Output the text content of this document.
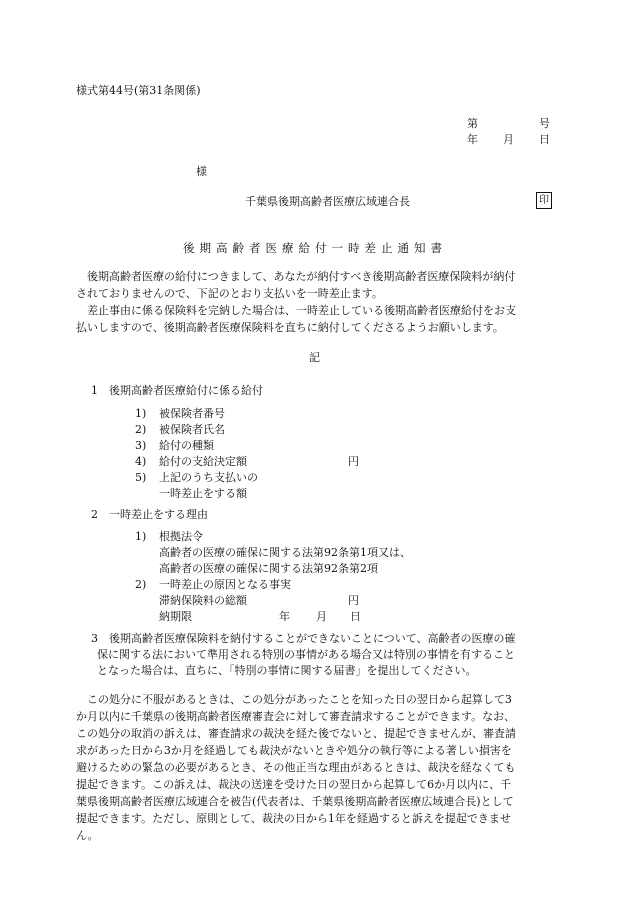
様式第44号(第31条関係)
第	号
年 月 日
様
千葉県後期高齢者医療広域連合長	印
後期高齢者医療給付一時差止通知書
　後期高齢者医療の給付につきまして、あなたが納付すべき後期高齢者医療保険料が納付
されておりませんので、下記のとおり支払いを一時差止ます。
　差止事由に係る保険料を完納した場合は、一時差止している後期高齢者医療給付をお支
払いしますので、後期高齢者医療保険料を直ちに納付してくださるようお願いします。
記
1　後期高齢者医療給付に係る給付
1) 被保険者番号
2) 被保険者氏名
3) 給付の種類
4) 給付の支給決定額	円
5) 上記のうち支払いの
一時差止をする額
2　一時差止をする理由
1) 根拠法令
高齢者の医療の確保に関する法第92条第1項又は、
高齢者の医療の確保に関する法第92条第2項
2) 一時差止の原因となる事実
滞納保険料の総額	円
納期限	年 月 日
3　後期高齢者医療保険料を納付することができないことについて、高齢者の医療の確
保に関する法において準用される特別の事情がある場合又は特別の事情を有すること
となった場合は、直ちに、「特別の事情に関する届書」を提出してください。
　この処分に不服があるときは、この処分があったことを知った日の翌日から起算して3
か月以内に千葉県の後期高齢者医療審査会に対して審査請求することができます。なお、
この処分の取消の訴えは、審査請求の裁決を経た後でないと、提起できませんが、審査請
求があった日から3か月を経過しても裁決がないときや処分の執行等による著しい損害を
避けるための緊急の必要があるとき、その他正当な理由があるときは、裁決を経なくても
提起できます。この訴えは、裁決の送達を受けた日の翌日から起算して6か月以内に、千
葉県後期高齢者医療広域連合を被告(代表者は、千葉県後期高齢者医療広域連合長)として
提起できます。ただし、原則として、裁決の日から1年を経過すると訴えを提起できませ
ん。
